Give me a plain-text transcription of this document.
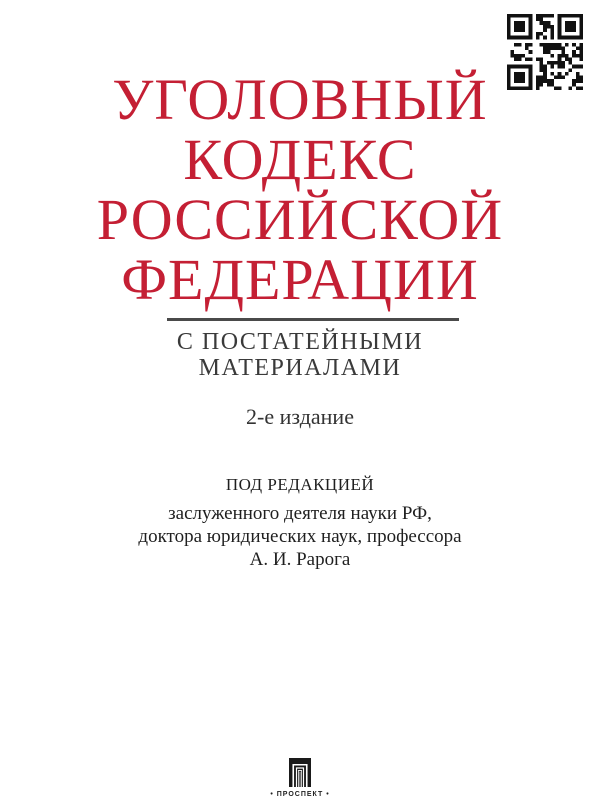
УГОЛОВНЫЙ
КОДЕКС
РОССИЙСКОЙ
ФЕДЕРАЦИИ
С ПОСТАТЕЙНЫМИ
МАТЕРИАЛАМИ
2-е издание
ПОД РЕДАКЦИЕЙ
заслуженного деятеля науки РФ,
доктора юридических наук, профессора
А. И. Рарога
• ПРОСПЕКТ •
